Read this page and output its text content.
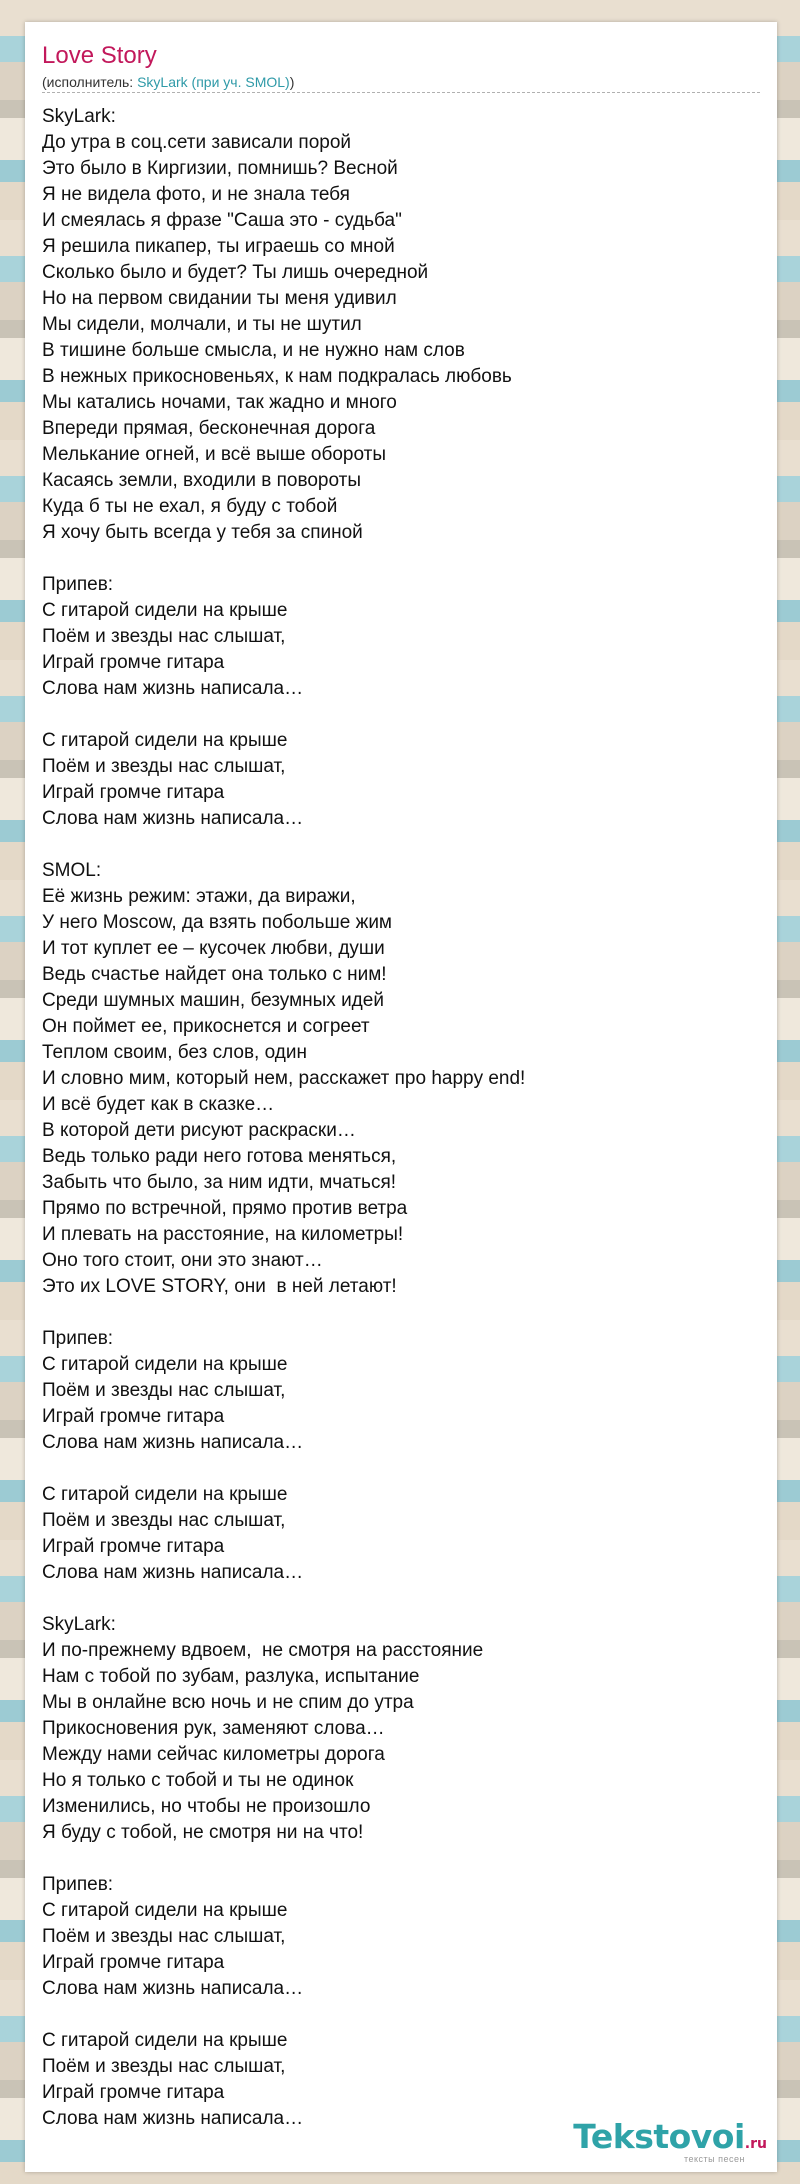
Love Story
(исполнитель: SkyLark (при уч. SMOL))
SkyLark:
До утра в соц.сети зависали порой
Это было в Киргизии, помнишь? Весной
Я не видела фото, и не знала тебя
И смеялась я фразе "Саша это - судьба"
Я решила пикапер, ты играешь со мной
Сколько было и будет? Ты лишь очередной
Но на первом свидании ты меня удивил
Мы сидели, молчали, и ты не шутил
В тишине больше смысла, и не нужно нам слов
В нежных прикосновеньях, к нам подкралась любовь
Мы катались ночами, так жадно и много
Впереди прямая, бесконечная дорога
Мелькание огней, и всё выше обороты
Касаясь земли, входили в повороты
Куда б ты не ехал, я буду с тобой
Я хочу быть всегда у тебя за спиной
Припев:
С гитарой сидели на крыше
Поём и звезды нас слышат,
Играй громче гитара
Слова нам жизнь написала…
С гитарой сидели на крыше
Поём и звезды нас слышат,
Играй громче гитара
Слова нам жизнь написала…
SMOL:
Её жизнь режим: этажи, да виражи,
У него Moscow, да взять побольше жим
И тот куплет ее – кусочек любви, души
Ведь счастье найдет она только с ним!
Среди шумных машин, безумных идей
Он поймет ее, прикоснется и согреет
Теплом своим, без слов, один
И словно мим, который нем, расскажет про happy end!
И всё будет как в сказке…
В которой дети рисуют раскраски…
Ведь только ради него готова меняться,
Забыть что было, за ним идти, мчаться!
Прямо по встречной, прямо против ветра
И плевать на расстояние, на километры!
Оно того стоит, они это знают…
Это их LOVE STORY, они  в ней летают!
Припев:
С гитарой сидели на крыше
Поём и звезды нас слышат,
Играй громче гитара
Слова нам жизнь написала…
С гитарой сидели на крыше
Поём и звезды нас слышат,
Играй громче гитара
Слова нам жизнь написала…
SkyLark:
И по-прежнему вдвоем,  не смотря на расстояние
Нам с тобой по зубам, разлука, испытание
Мы в онлайне всю ночь и не спим до утра
Прикосновения рук, заменяют слова…
Между нами сейчас километры дорога
Но я только с тобой и ты не одинок
Изменились, но чтобы не произошло
Я буду с тобой, не смотря ни на что!
Припев:
С гитарой сидели на крыше
Поём и звезды нас слышат,
Играй громче гитара
Слова нам жизнь написала…
С гитарой сидели на крыше
Поём и звезды нас слышат,
Играй громче гитара
Слова нам жизнь написала…	Tekstovoi.ru
тексты песен
